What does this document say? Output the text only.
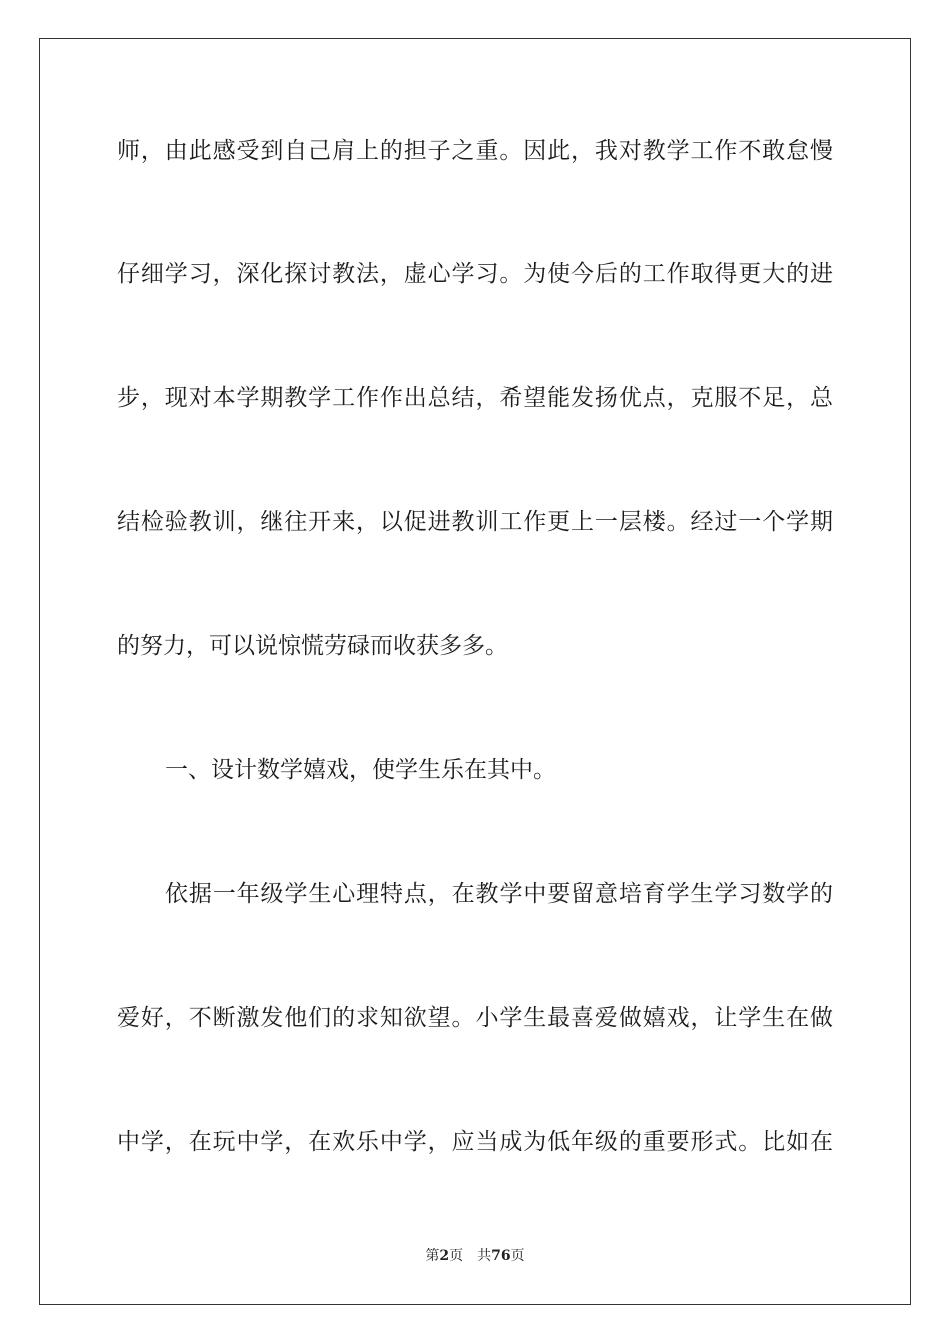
师，由此感受到自己肩上的担子之重。因此，我对教学工作不敢怠慢
仔细学习，深化探讨教法，虚心学习。为使今后的工作取得更大的进
步，现对本学期教学工作作出总结，希望能发扬优点，克服不足，总
结检验教训，继往开来，以促进教训工作更上一层楼。经过一个学期
的努力，可以说惊慌劳碌而收获多多。
一、设计数学嬉戏，使学生乐在其中。
依据一年级学生心理特点，在教学中要留意培育学生学习数学的
爱好，不断激发他们的求知欲望。小学生最喜爱做嬉戏，让学生在做
中学，在玩中学，在欢乐中学，应当成为低年级的重要形式。比如在
第2页 共76页
